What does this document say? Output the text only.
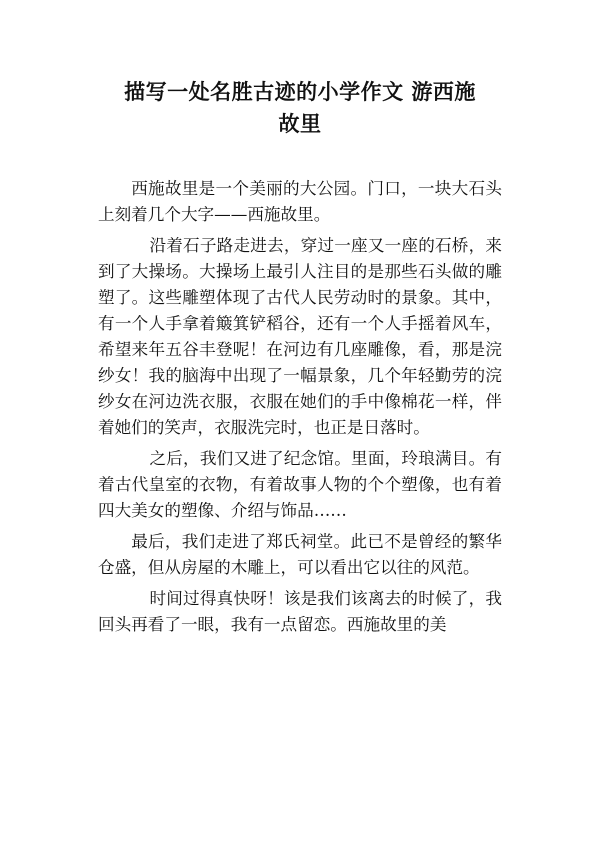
描写一处名胜古迹的小学作文 游西施
故里

西施故里是一个美丽的大公园。门口，一块大石头上刻着几个大字——西施故里。

沿着石子路走进去，穿过一座又一座的石桥，来到了大操场。大操场上最引人注目的是那些石头做的雕塑了。这些雕塑体现了古代人民劳动时的景象。其中，有一个人手拿着簸箕铲稻谷，还有一个人手摇着风车，希望来年五谷丰登呢！在河边有几座雕像，看，那是浣纱女！我的脑海中出现了一幅景象，几个年轻勤劳的浣纱女在河边洗衣服，衣服在她们的手中像棉花一样，伴着她们的笑声，衣服洗完时，也正是日落时。

之后，我们又进了纪念馆。里面，玲琅满目。有着古代皇室的衣物，有着故事人物的个个塑像，也有着四大美女的塑像、介绍与饰品……

最后，我们走进了郑氏祠堂。此已不是曾经的繁华仓盛，但从房屋的木雕上，可以看出它以往的风范。

时间过得真快呀！该是我们该离去的时候了，我回头再看了一眼，我有一点留恋。西施故里的美
